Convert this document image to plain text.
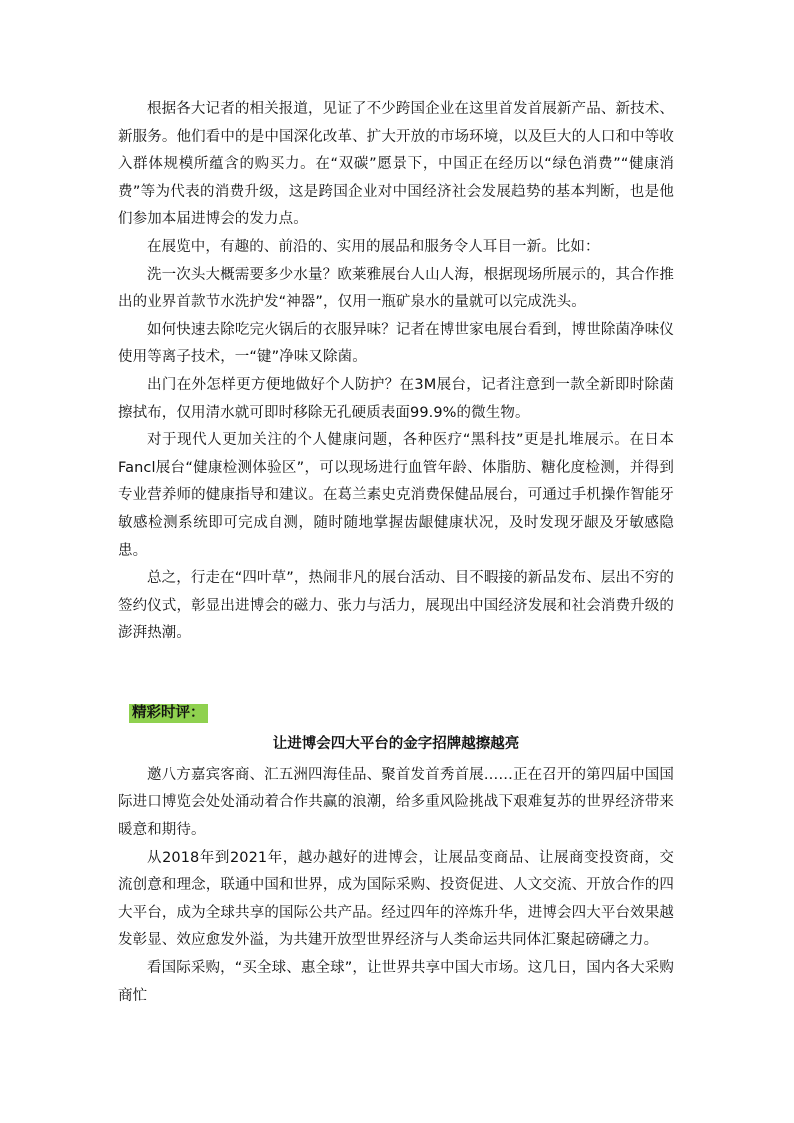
根据各大记者的相关报道，见证了不少跨国企业在这里首发首展新产品、新技术、新服务。他们看中的是中国深化改革、扩大开放的市场环境，以及巨大的人口和中等收入群体规模所蕴含的购买力。在“双碳”愿景下，中国正在经历以“绿色消费”“健康消费”等为代表的消费升级，这是跨国企业对中国经济社会发展趋势的基本判断，也是他们参加本届进博会的发力点。

在展览中，有趣的、前沿的、实用的展品和服务令人耳目一新。比如：

洗一次头大概需要多少水量？欧莱雅展台人山人海，根据现场所展示的，其合作推出的业界首款节水洗护发“神器”，仅用一瓶矿泉水的量就可以完成洗头。

如何快速去除吃完火锅后的衣服异味？记者在博世家电展台看到，博世除菌净味仪使用等离子技术，一“键”净味又除菌。

出门在外怎样更方便地做好个人防护？在3M展台，记者注意到一款全新即时除菌擦拭布，仅用清水就可即时移除无孔硬质表面99.9%的微生物。

对于现代人更加关注的个人健康问题，各种医疗“黑科技”更是扎堆展示。在日本Fancl展台“健康检测体验区”，可以现场进行血管年龄、体脂肪、糖化度检测，并得到专业营养师的健康指导和建议。在葛兰素史克消费保健品展台，可通过手机操作智能牙敏感检测系统即可完成自测，随时随地掌握齿龈健康状况，及时发现牙龈及牙敏感隐患。

总之，行走在“四叶草”，热闹非凡的展台活动、目不暇接的新品发布、层出不穷的签约仪式，彰显出进博会的磁力、张力与活力，展现出中国经济发展和社会消费升级的澎湃热潮。

精彩时评：
让进博会四大平台的金字招牌越擦越亮

邀八方嘉宾客商、汇五洲四海佳品、聚首发首秀首展……正在召开的第四届中国国际进口博览会处处涌动着合作共赢的浪潮，给多重风险挑战下艰难复苏的世界经济带来暖意和期待。

从2018年到2021年，越办越好的进博会，让展品变商品、让展商变投资商，交流创意和理念，联通中国和世界，成为国际采购、投资促进、人文交流、开放合作的四大平台，成为全球共享的国际公共产品。经过四年的淬炼升华，进博会四大平台效果越发彰显、效应愈发外溢，为共建开放型世界经济与人类命运共同体汇聚起磅礴之力。

看国际采购，“买全球、惠全球”，让世界共享中国大市场。这几日，国内各大采购商忙
